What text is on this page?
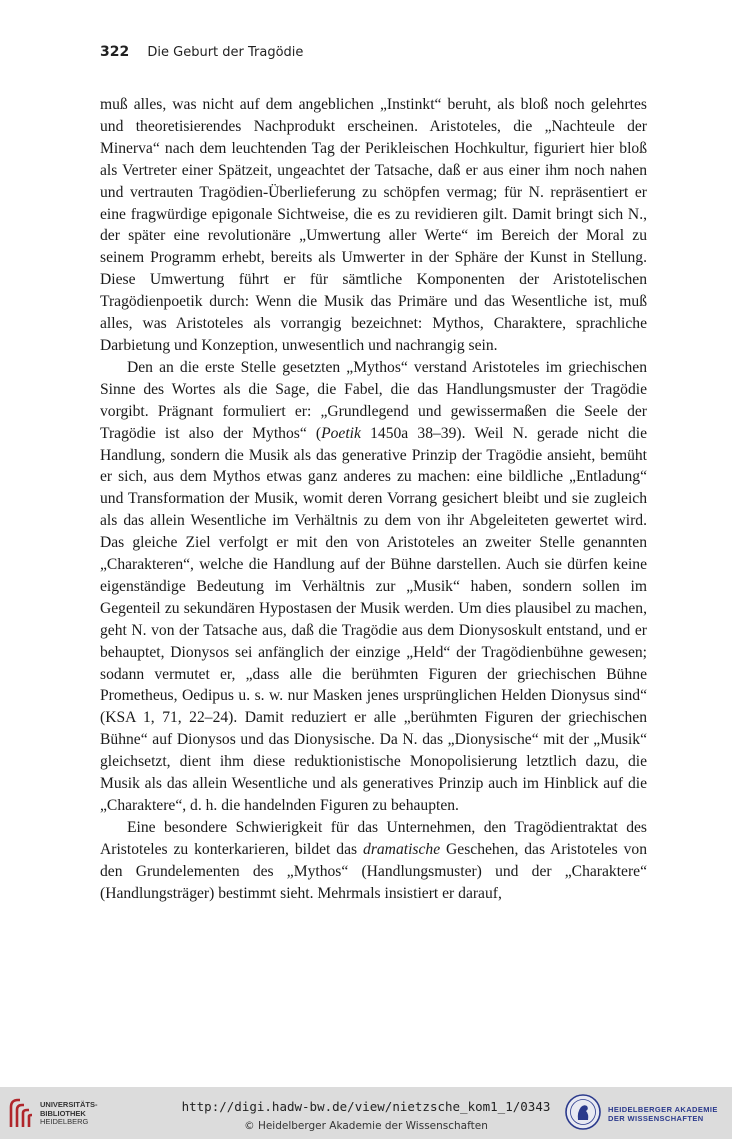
322 Die Geburt der Tragödie

muß alles, was nicht auf dem angeblichen „Instinkt“ beruht, als bloß noch gelehrtes und theoretisierendes Nachprodukt erscheinen. Aristoteles, die „Nachteule der Minerva“ nach dem leuchtenden Tag der Perikleischen Hochkultur, figuriert hier bloß als Vertreter einer Spätzeit, ungeachtet der Tatsache, daß er aus einer ihm noch nahen und vertrauten Tragödien-Überlieferung zu schöpfen vermag; für N. repräsentiert er eine fragwürdige epigonale Sichtweise, die es zu revidieren gilt. Damit bringt sich N., der später eine revolutionäre „Umwertung aller Werte“ im Bereich der Moral zu seinem Programm erhebt, bereits als Umwerter in der Sphäre der Kunst in Stellung. Diese Umwertung führt er für sämtliche Komponenten der Aristotelischen Tragödienpoetik durch: Wenn die Musik das Primäre und das Wesentliche ist, muß alles, was Aristoteles als vorrangig bezeichnet: Mythos, Charaktere, sprachliche Darbietung und Konzeption, unwesentlich und nachrangig sein.

Den an die erste Stelle gesetzten „Mythos“ verstand Aristoteles im griechischen Sinne des Wortes als die Sage, die Fabel, die das Handlungsmuster der Tragödie vorgibt. Prägnant formuliert er: „Grundlegend und gewissermaßen die Seele der Tragödie ist also der Mythos“ (Poetik 1450a 38–39). Weil N. gerade nicht die Handlung, sondern die Musik als das generative Prinzip der Tragödie ansieht, bemüht er sich, aus dem Mythos etwas ganz anderes zu machen: eine bildliche „Entladung“ und Transformation der Musik, womit deren Vorrang gesichert bleibt und sie zugleich als das allein Wesentliche im Verhältnis zu dem von ihr Abgeleiteten gewertet wird. Das gleiche Ziel verfolgt er mit den von Aristoteles an zweiter Stelle genannten „Charakteren“, welche die Handlung auf der Bühne darstellen. Auch sie dürfen keine eigenständige Bedeutung im Verhältnis zur „Musik“ haben, sondern sollen im Gegenteil zu sekundären Hypostasen der Musik werden. Um dies plausibel zu machen, geht N. von der Tatsache aus, daß die Tragödie aus dem Dionysoskult entstand, und er behauptet, Dionysos sei anfänglich der einzige „Held“ der Tragödienbühne gewesen; sodann vermutet er, „dass alle die berühmten Figuren der griechischen Bühne Prometheus, Oedipus u. s. w. nur Masken jenes ursprünglichen Helden Dionysus sind“ (KSA 1, 71, 22–24). Damit reduziert er alle „berühmten Figuren der griechischen Bühne“ auf Dionysos und das Dionysische. Da N. das „Dionysische“ mit der „Musik“ gleichsetzt, dient ihm diese reduktionistische Monopolisierung letztlich dazu, die Musik als das allein Wesentliche und als generatives Prinzip auch im Hinblick auf die „Charaktere“, d. h. die handelnden Figuren zu behaupten.

Eine besondere Schwierigkeit für das Unternehmen, den Tragödientraktat des Aristoteles zu konterkarieren, bildet das dramatische Geschehen, das Aristoteles von den Grundelementen des „Mythos“ (Handlungsmuster) und der „Charaktere“ (Handlungsträger) bestimmt sieht. Mehrmals insistiert er darauf,

UNIVERSITÄTS-
BIBLIOTHEK
HEIDELBERG
http://digi.hadw-bw.de/view/nietzsche_kom1_1/0343
© Heidelberger Akademie der Wissenschaften
HEIDELBERGER AKADEMIE
DER WISSENSCHAFTEN
